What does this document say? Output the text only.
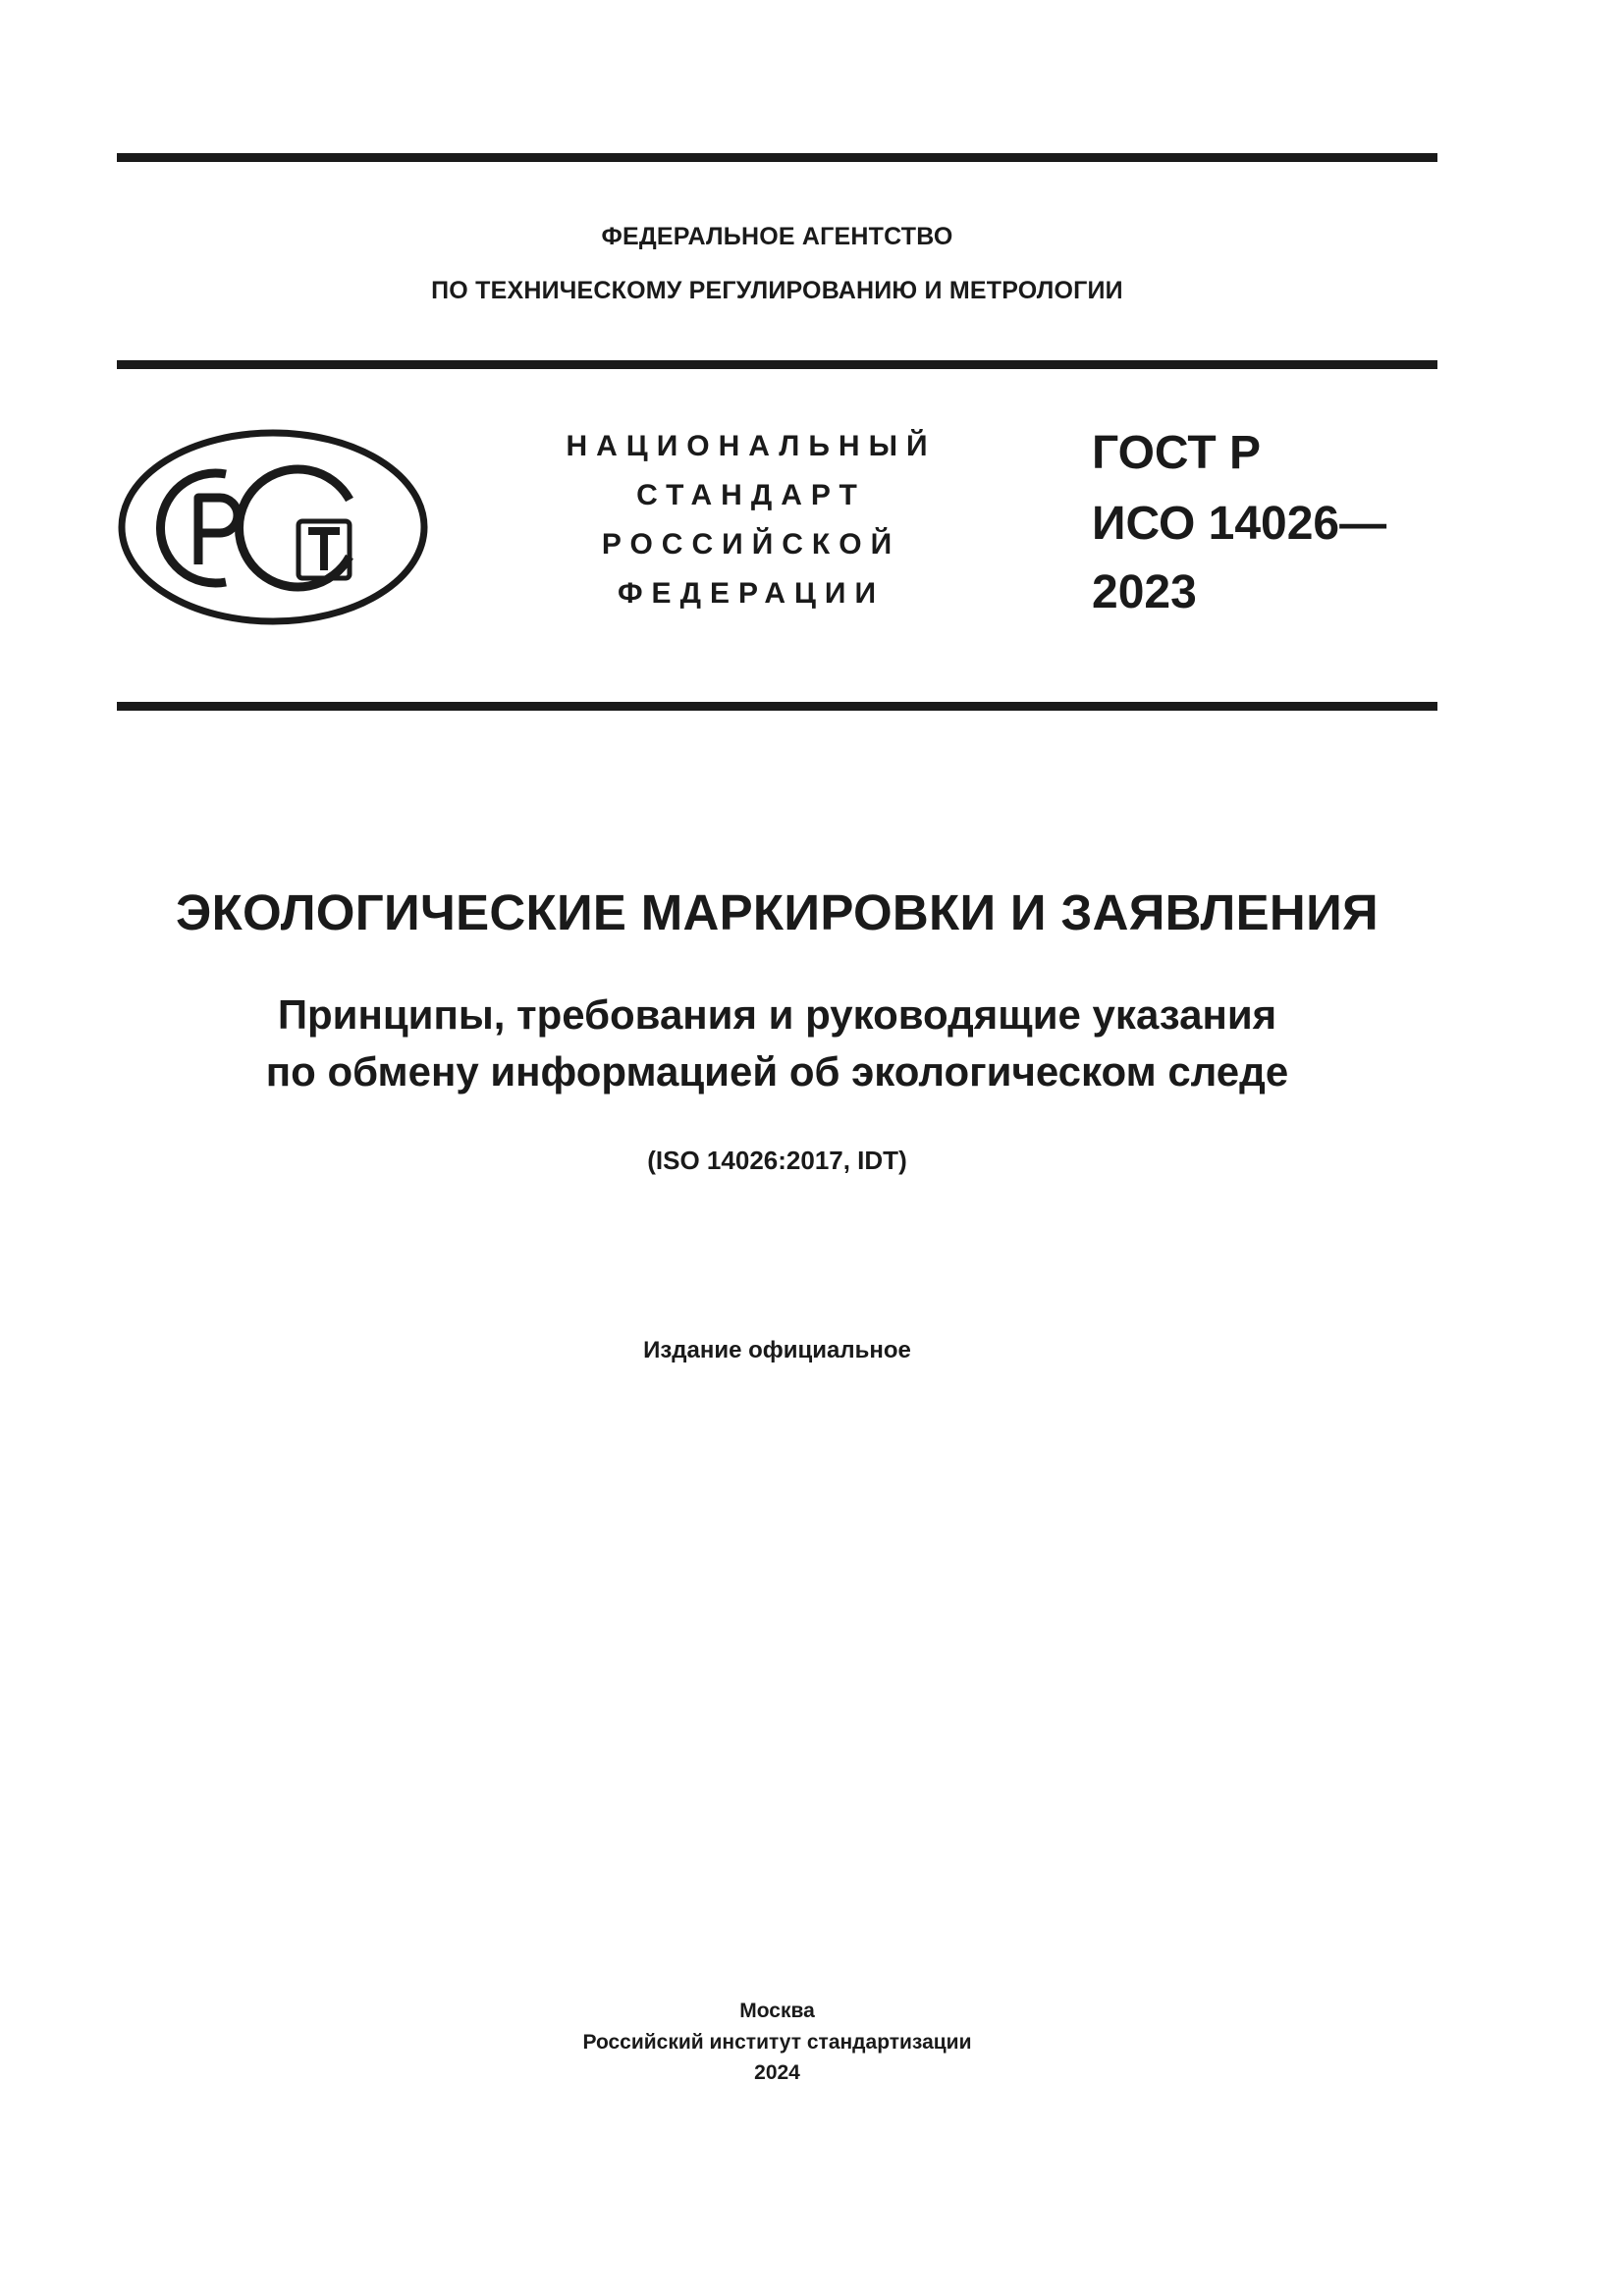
ФЕДЕРАЛЬНОЕ АГЕНТСТВО
ПО ТЕХНИЧЕСКОМУ РЕГУЛИРОВАНИЮ И МЕТРОЛОГИИ
НАЦИОНАЛЬНЫЙ
СТАНДАРТ
РОССИЙСКОЙ
ФЕДЕРАЦИИ
ГОСТ Р
ИСО 14026—
2023
ЭКОЛОГИЧЕСКИЕ МАРКИРОВКИ И ЗАЯВЛЕНИЯ
Принципы, требования и руководящие указания
по обмену информацией об экологическом следе
(ISO 14026:2017, IDT)
Издание официальное
Москва
Российский институт стандартизации
2024
